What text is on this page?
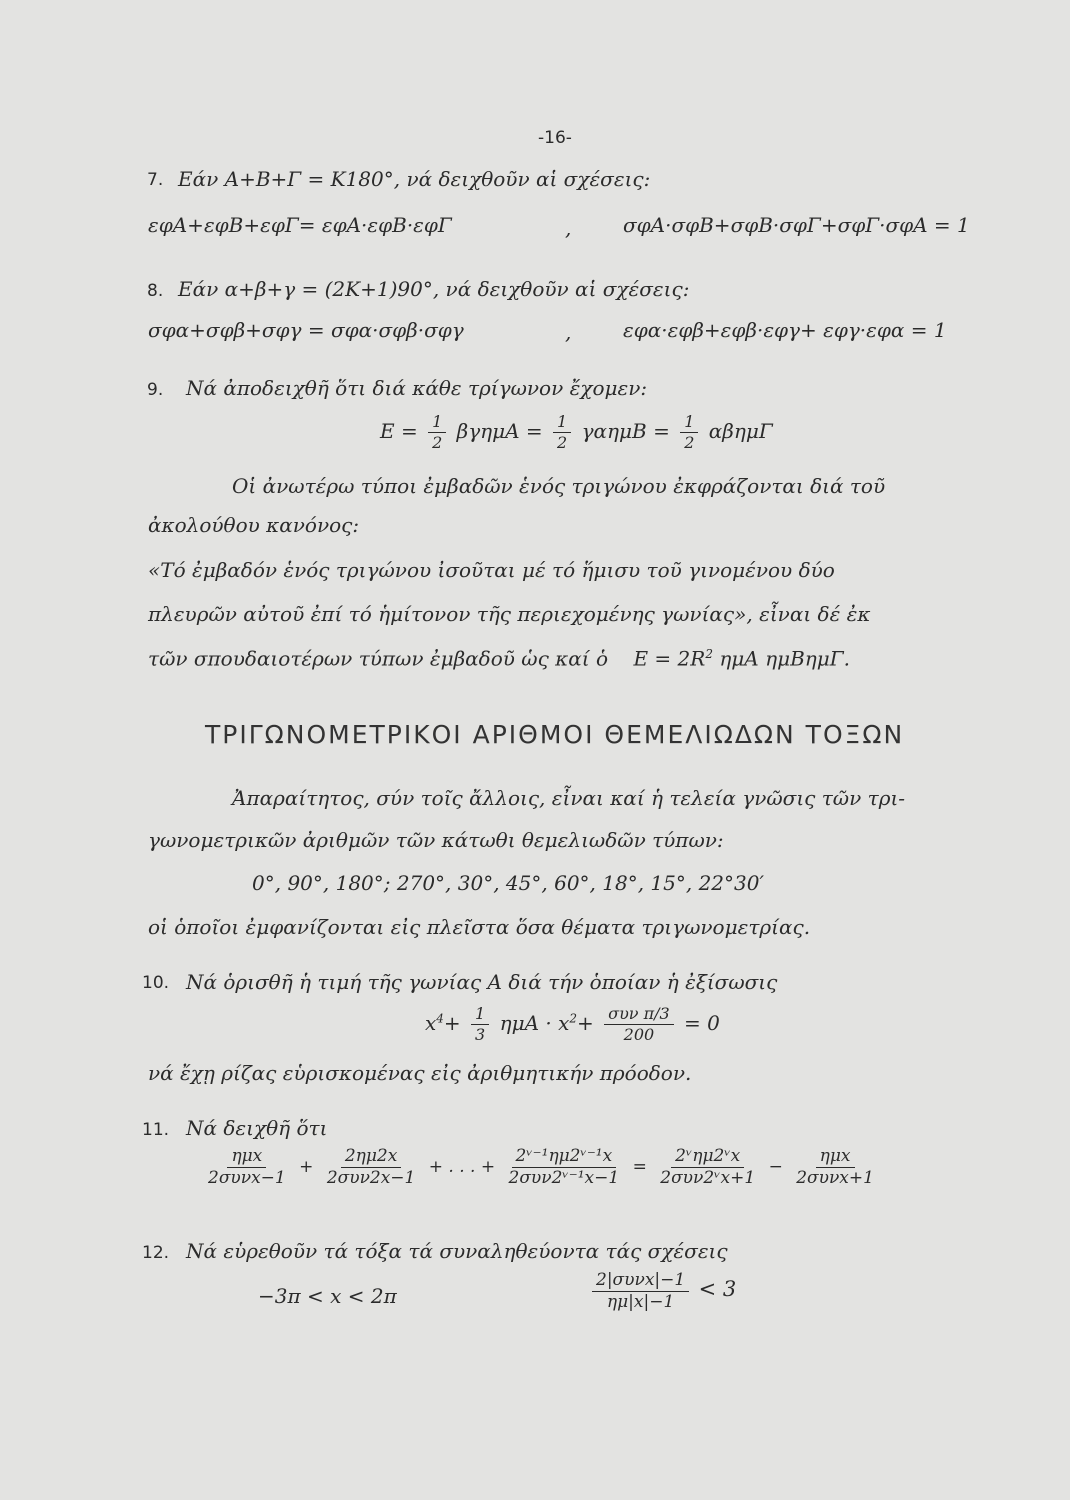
-16-
7. Εάν Α+Β+Γ = Κ180°, νά δειχθοῦν αἱ σχέσεις:
εφΑ+εφΒ+εφΓ= εφΑ·εφΒ·εφΓ	,	σφΑ·σφΒ+σφΒ·σφΓ+σφΓ·σφΑ = 1
8. Εάν α+β+γ = (2Κ+1)90°, νά δειχθοῦν αἱ σχέσεις:
σφα+σφβ+σφγ = σφα·σφβ·σφγ	,	εφα·εφβ+εφβ·εφγ+ εφγ·εφα = 1
9. Νά ἀποδειχθῆ ὅτι διά κάθε τρίγωνον ἔχομεν:
$E = \frac{1}{2}$ $\beta\gamma\eta\mu A = \frac{1}{2}$ $\gamma\alpha\eta\mu B = \frac{1}{2}$ αβημΓ
Οἱ ἀνωτέρω τύποι ἐμβαδῶν ἑνός τριγώνου ἐκφράζονται διά τοῦ
ἀκολούθου κανόνος:
«Τό ἐμβαδόν ἑνός τριγώνου ἰσοῦται μέ τό ἥμισυ τοῦ γινομένου δύο
πλευρῶν αὐτοῦ ἐπί τό ἡμίτονον τῆς περιεχομένης γωνίας», εἶναι δέ ἐκ
τῶν σπουδαιοτέρων τύπων ἐμβαδοῦ ὡς καί ὁ $E = 2R^2$ ημΑ ημΒημΓ.
ΤΡΙΓΩΝΟΜΕΤΡΙΚΟΙ ΑΡΙΘΜΟΙ ΘΕΜΕΛΙΩΔΩΝ ΤΟΞΩΝ
Ἀπαραίτητος, σύν τοῖς ἄλλοις, εἶναι καί ἡ τελεία γνῶσις τῶν τρι-
γωνομετρικῶν ἀριθμῶν τῶν κάτωθι θεμελιωδῶν τύπων:
0°, 90°, 180°; 270°, 30°, 45°, 60°, 18°, 15°, 22°30′
οἱ ὁποῖοι ἐμφανίζονται εἰς πλεῖστα ὅσα θέματα τριγωνομετρίας.
10. Νά ὁρισθῆ ἡ τιμή τῆς γωνίας Α διά τήν ὁποίαν ἡ ἐξίσωσις
$x^4+ \frac{1}{3}$ $\eta\mu A \cdot x^2+ \frac{\text{συν π/3}}{200} = 0$
νά ἔχῃ ρίζας εὑρισκομένας εἰς ἀριθμητικήν πρόοδον.
11. Νά δειχθῆ ὅτι
$\frac{\text{ημx}}{\text{2συνx−1}} + \frac{2\eta\mu 2x}{\text{2συν2x−1}}$ + . . . + $\frac{\text{2ᵛ⁻¹ημ2ᵛ⁻¹x}}{\text{2συν2ᵛ⁻¹x−1}} = \frac{\text{2ᵛημ2ᵛx}}{\text{2συν2ᵛx+1}} - \frac{\text{ημx}}{\text{2συνx+1}}$
12. Νά εὑρεθοῦν τά τόξα τά συναληθεύοντα τάς σχέσεις
−3π < x < 2π	$\frac{\text{2|συνx|−1}}{\eta\mu|x|-1} < 3$
